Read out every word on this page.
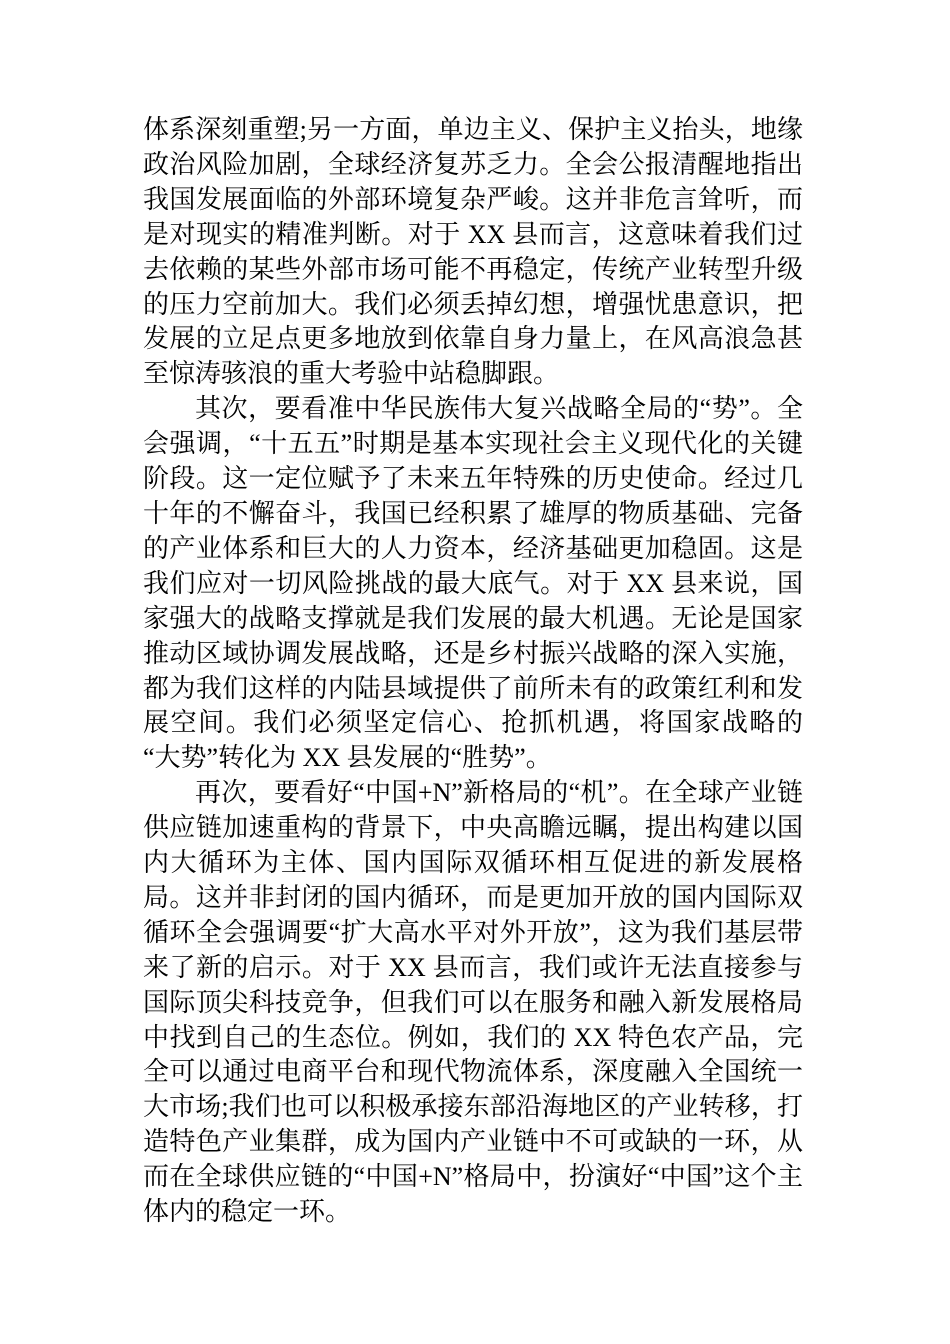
体系深刻重塑;另一方面，单边主义、保护主义抬头，地缘政治风险加剧，全球经济复苏乏力。全会公报清醒地指出我国发展面临的外部环境复杂严峻。这并非危言耸听，而是对现实的精准判断。对于 XX 县而言，这意味着我们过去依赖的某些外部市场可能不再稳定，传统产业转型升级的压力空前加大。我们必须丢掉幻想，增强忧患意识，把发展的立足点更多地放到依靠自身力量上，在风高浪急甚至惊涛骇浪的重大考验中站稳脚跟。

其次，要看准中华民族伟大复兴战略全局的“势”。全会强调，“十五五”时期是基本实现社会主义现代化的关键阶段。这一定位赋予了未来五年特殊的历史使命。经过几十年的不懈奋斗，我国已经积累了雄厚的物质基础、完备的产业体系和巨大的人力资本，经济基础更加稳固。这是我们应对一切风险挑战的最大底气。对于 XX 县来说，国家强大的战略支撑就是我们发展的最大机遇。无论是国家推动区域协调发展战略，还是乡村振兴战略的深入实施，都为我们这样的内陆县域提供了前所未有的政策红利和发展空间。我们必须坚定信心、抢抓机遇，将国家战略的“大势”转化为 XX 县发展的“胜势”。

再次，要看好“中国+N”新格局的“机”。在全球产业链供应链加速重构的背景下，中央高瞻远瞩，提出构建以国内大循环为主体、国内国际双循环相互促进的新发展格局。这并非封闭的国内循环，而是更加开放的国内国际双循环全会强调要“扩大高水平对外开放”，这为我们基层带来了新的启示。对于 XX 县而言，我们或许无法直接参与国际顶尖科技竞争，但我们可以在服务和融入新发展格局中找到自己的生态位。例如，我们的 XX 特色农产品，完全可以通过电商平台和现代物流体系，深度融入全国统一大市场;我们也可以积极承接东部沿海地区的产业转移，打造特色产业集群，成为国内产业链中不可或缺的一环，从而在全球供应链的“中国+N”格局中，扮演好“中国”这个主体内的稳定一环。
